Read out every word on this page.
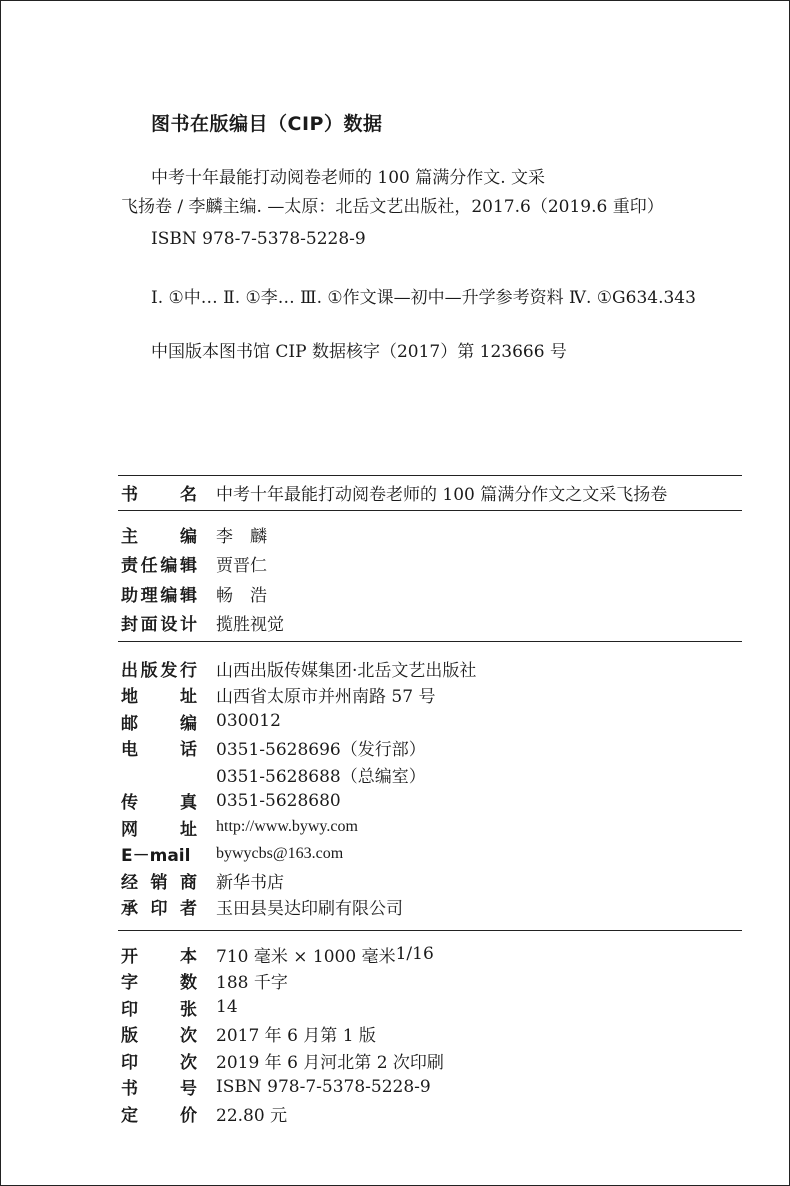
图书在版编目（CIP）数据
中考十年最能打动阅卷老师的 100 篇满分作文. 文采
飞扬卷 / 李麟主编. —太原：北岳文艺出版社，2017.6（2019.6 重印）
ISBN 978-7-5378-5228-9
Ⅰ. ①中… Ⅱ. ①李… Ⅲ. ①作文课—初中—升学参考资料 Ⅳ. ①G634.343
中国版本图书馆 CIP 数据核字（2017）第 123666 号
书 名 中考十年最能打动阅卷老师的 100 篇满分作文之文采飞扬卷
主 编 李　麟
责 任 编 辑 贾晋仁
助 理 编 辑 畅　浩
封 面 设 计 揽胜视觉
出 版 发 行 山西出版传媒集团·北岳文艺出版社
地 址 山西省太原市并州南路 57 号
邮 编 030012
电 话 0351-5628696（发行部）
0351-5628688（总编室）
传 真 0351-5628680
网 址 http://www.bywy.com
E－mail	bywycbs@163.com
经 销 商 新华书店
承 印 者 玉田县昊达印刷有限公司
开 本 710 毫米 × 1000 毫米 1/16
字 数 188 千字
印 张 14
版 次 2017 年 6 月第 1 版
印 次 2019 年 6 月河北第 2 次印刷
书 号 ISBN 978-7-5378-5228-9
定 价 22.80 元
